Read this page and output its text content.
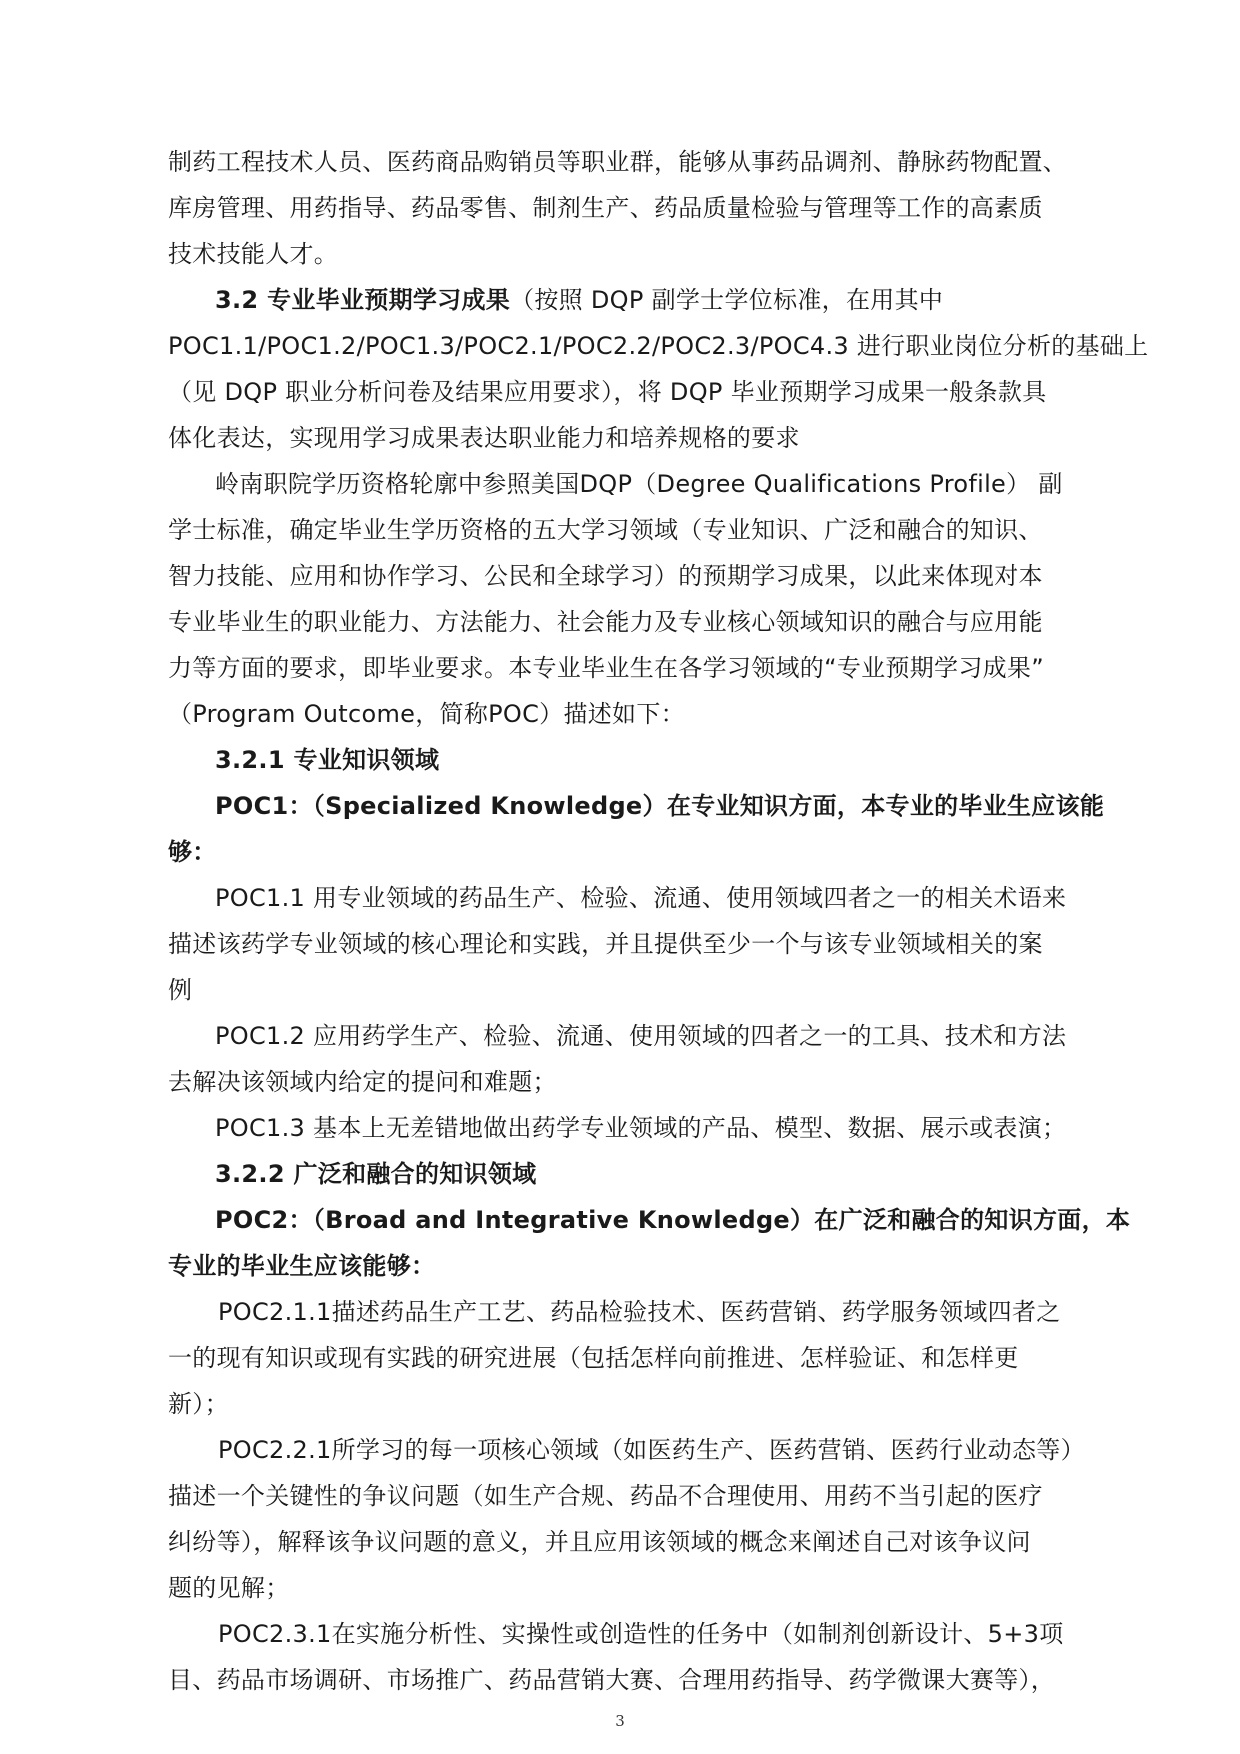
制药工程技术人员、医药商品购销员等职业群，能够从事药品调剂、静脉药物配置、

库房管理、用药指导、药品零售、制剂生产、药品质量检验与管理等工作的高素质

技术技能人才。

3.2 专业毕业预期学习成果（按照 DQP 副学士学位标准，在用其中

POC1.1/POC1.2/POC1.3/POC2.1/POC2.2/POC2.3/POC4.3 进行职业岗位分析的基础上

（见 DQP 职业分析问卷及结果应用要求），将 DQP 毕业预期学习成果一般条款具

体化表达，实现用学习成果表达职业能力和培养规格的要求

岭南职院学历资格轮廓中参照美国DQP（Degree Qualifications Profile） 副

学士标准，确定毕业生学历资格的五大学习领域（专业知识、广泛和融合的知识、

智力技能、应用和协作学习、公民和全球学习）的预期学习成果，以此来体现对本

专业毕业生的职业能力、方法能力、社会能力及专业核心领域知识的融合与应用能

力等方面的要求，即毕业要求。本专业毕业生在各学习领域的“专业预期学习成果”

（Program Outcome，简称POC）描述如下：

3.2.1 专业知识领域

POC1：（Specialized Knowledge）在专业知识方面，本专业的毕业生应该能

够：

POC1.1 用专业领域的药品生产、检验、流通、使用领域四者之一的相关术语来

描述该药学专业领域的核心理论和实践，并且提供至少一个与该专业领域相关的案

例

POC1.2 应用药学生产、检验、流通、使用领域的四者之一的工具、技术和方法

去解决该领域内给定的提问和难题；

POC1.3 基本上无差错地做出药学专业领域的产品、模型、数据、展示或表演；

3.2.2 广泛和融合的知识领域

POC2：（Broad and Integrative Knowledge）在广泛和融合的知识方面，本

专业的毕业生应该能够：

POC2.1.1描述药品生产工艺、药品检验技术、医药营销、药学服务领域四者之

一的现有知识或现有实践的研究进展（包括怎样向前推进、怎样验证、和怎样更

新）；

POC2.2.1所学习的每一项核心领域（如医药生产、医药营销、医药行业动态等）

描述一个关键性的争议问题（如生产合规、药品不合理使用、用药不当引起的医疗

纠纷等），解释该争议问题的意义，并且应用该领域的概念来阐述自己对该争议问

题的见解；

POC2.3.1在实施分析性、实操性或创造性的任务中（如制剂创新设计、5+3项

目、药品市场调研、市场推广、药品营销大赛、合理用药指导、药学微课大赛等），

3
